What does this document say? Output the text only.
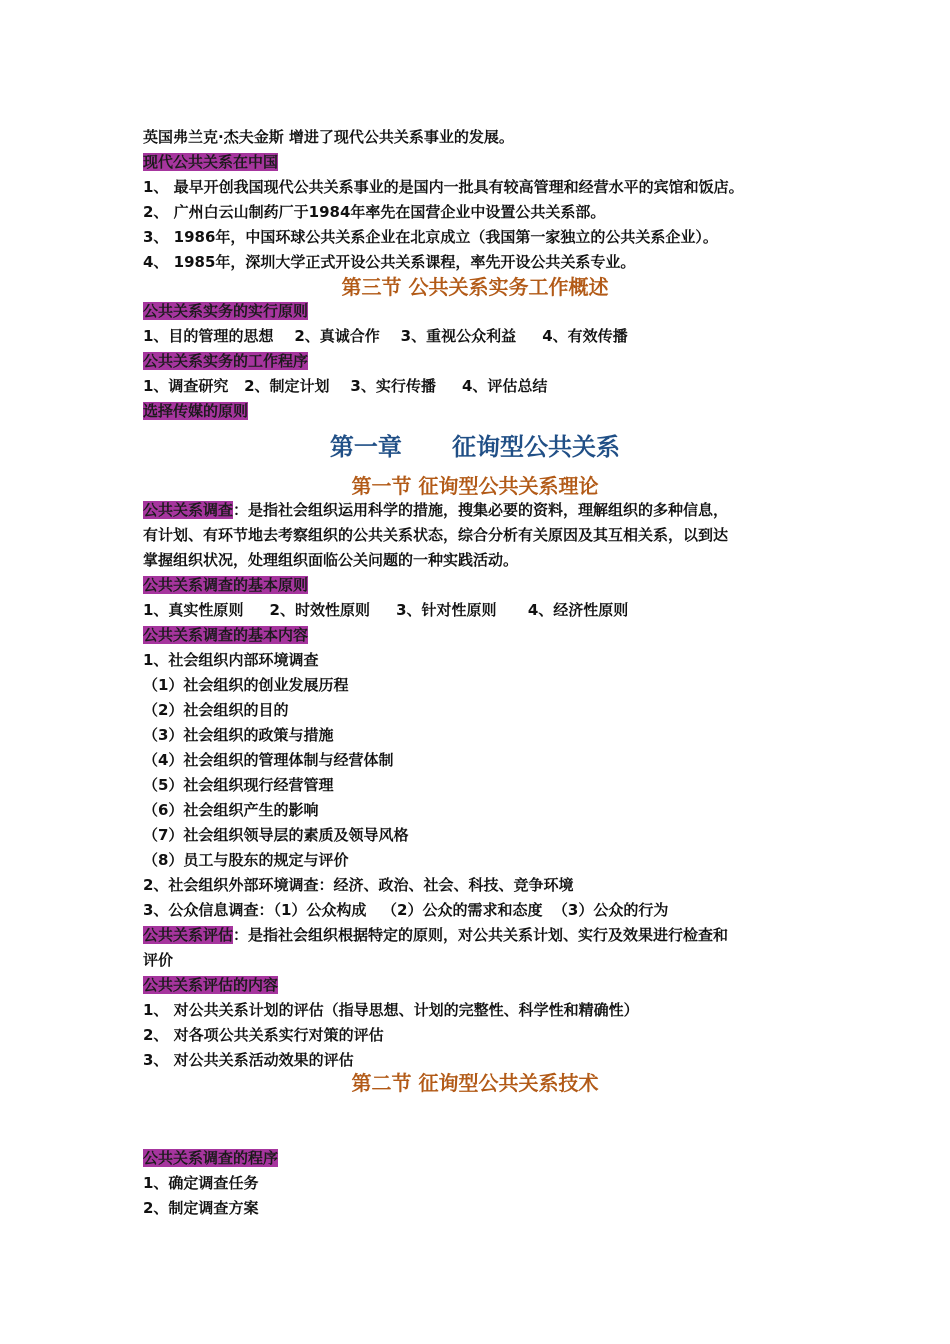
英国弗兰克·杰夫金斯 增进了现代公共关系事业的发展。
现代公共关系在中国
1、 最早开创我国现代公共关系事业的是国内一批具有较高管理和经营水平的宾馆和饭店。
2、 广州白云山制药厂于1984年率先在国营企业中设置公共关系部。
3、 1986年，中国环球公共关系企业在北京成立（我国第一家独立的公共关系企业）。
4、 1985年，深圳大学正式开设公共关系课程，率先开设公共关系专业。
第三节 公共关系实务工作概述
公共关系实务的实行原则
1、目的管理的思想    2、真诚合作    3、重视公众利益     4、有效传播
公共关系实务的工作程序
1、调查研究   2、制定计划    3、实行传播     4、评估总结
选择传媒的原则
第一章      征询型公共关系
第一节 征询型公共关系理论
公共关系调查：是指社会组织运用科学的措施，搜集必要的资料，理解组织的多种信息，
有计划、有环节地去考察组织的公共关系状态，综合分析有关原因及其互相关系，以到达
掌握组织状况，处理组织面临公关问题的一种实践活动。
公共关系调查的基本原则
1、真实性原则     2、时效性原则     3、针对性原则      4、经济性原则
公共关系调查的基本内容
1、社会组织内部环境调查
（1）社会组织的创业发展历程
（2）社会组织的目的
（3）社会组织的政策与措施
（4）社会组织的管理体制与经营体制
（5）社会组织现行经营管理
（6）社会组织产生的影响
（7）社会组织领导层的素质及领导风格
（8）员工与股东的规定与评价
2、社会组织外部环境调查：经济、政治、社会、科技、竞争环境
3、公众信息调查：（1）公众构成   （2）公众的需求和态度  （3）公众的行为
公共关系评估：是指社会组织根据特定的原则，对公共关系计划、实行及效果进行检查和
评价
公共关系评估的内容
1、 对公共关系计划的评估（指导思想、计划的完整性、科学性和精确性）
2、 对各项公共关系实行对策的评估
3、 对公共关系活动效果的评估
第二节 征询型公共关系技术
公共关系调查的程序
1、确定调查任务
2、制定调查方案
